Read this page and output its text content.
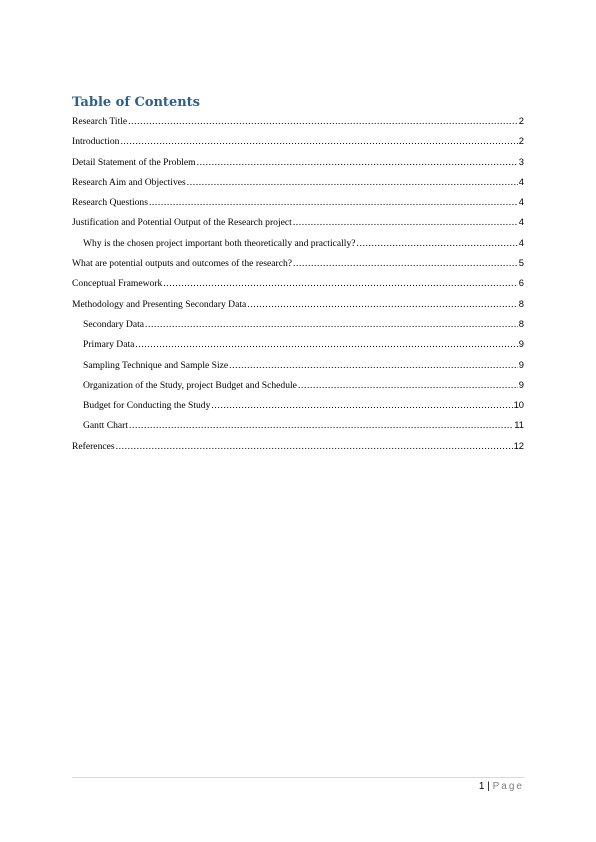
Table of Contents
Research Title .....	2
Introduction .....	2
Detail Statement of the Problem .....	3
Research Aim and Objectives .....	4
Research Questions .....	4
Justification and Potential Output of the Research project .....	4
Why is the chosen project important both theoretically and practically? .....	4
What are potential outputs and outcomes of the research? .....	5
Conceptual Framework .....	6
Methodology and Presenting Secondary Data .....	8
Secondary Data .....	8
Primary Data .....	9
Sampling Technique and Sample Size .....	9
Organization of the Study, project Budget and Schedule .....	9
Budget for Conducting the Study .....	10
Gantt Chart .....	11
References .....	12
1 | Page
